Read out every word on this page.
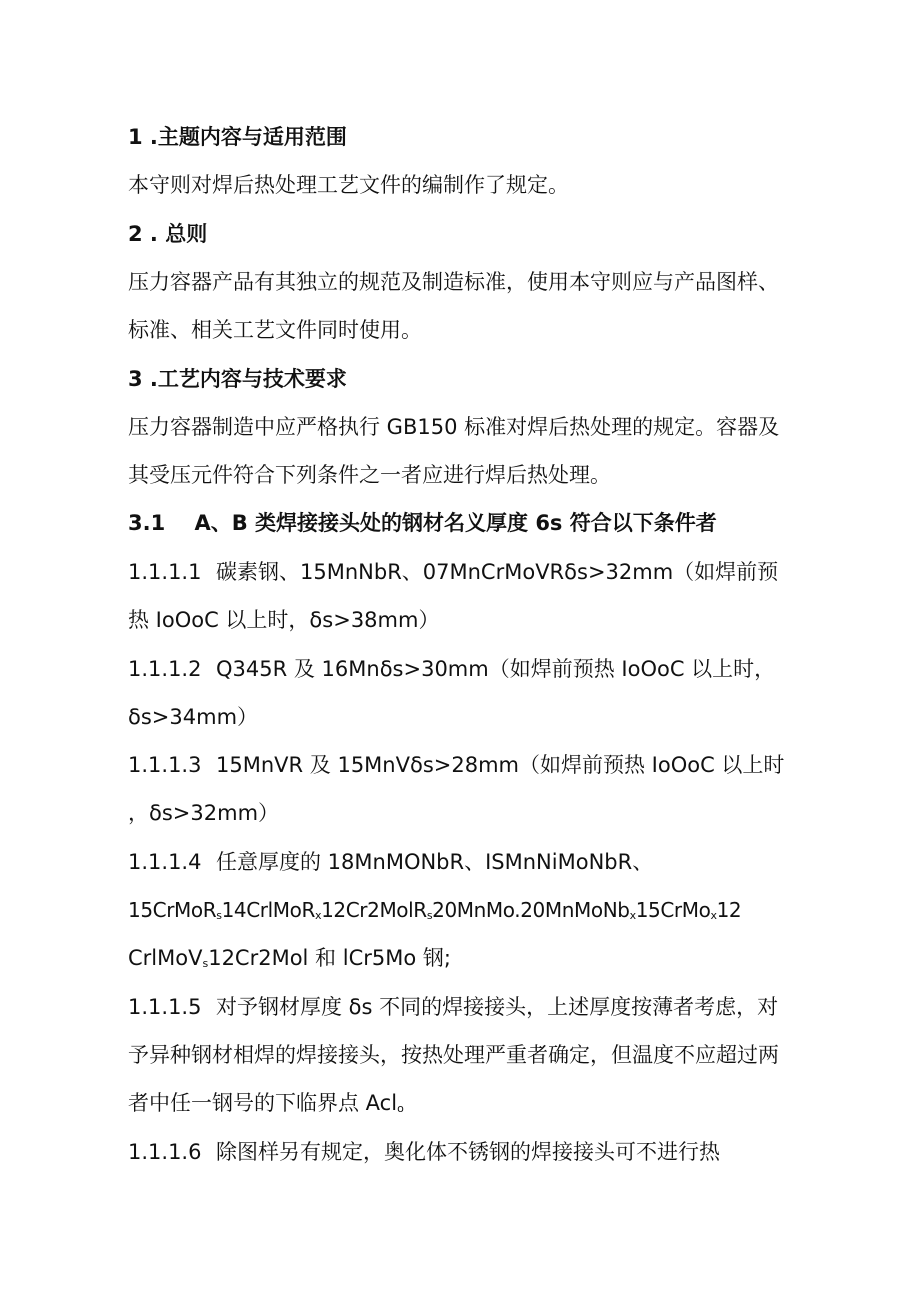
1 .主题内容与适用范围
本守则对焊后热处理工艺文件的编制作了规定。
2 . 总则
压力容器产品有其独立的规范及制造标准，使用本守则应与产品图样、
标准、相关工艺文件同时使用。
3 .工艺内容与技术要求
压力容器制造中应严格执行 GB150 标准对焊后热处理的规定。容器及
其受压元件符合下列条件之一者应进行焊后热处理。
3.1    A、B 类焊接接头处的钢材名义厚度 6s 符合以下条件者
1.1.1.1 碳素钢、15MnNbR、07MnCrMoVRδs>32mm（如焊前预
热 IoOoC 以上时，δs>38mm）
1.1.1.2 Q345R 及 16Mnδs>30mm（如焊前预热 IoOoC 以上时，
δs>34mm）
1.1.1.3 15MnVR 及 15MnVδs>28mm（如焊前预热 IoOoC 以上时
，δs>32mm）
1.1.1.4 任意厚度的 18MnMONbR、ISMnNiMoNbR、
15CrMoR$_s$14CrlMoR$_x$12Cr2MolR$_s$20MnMo.20MnMoNb$_x$15CrMo$_x$12
CrlMoV$_s$12Cr2Mol 和 lCr5Mo 钢;
1.1.1.5 对予钢材厚度 δs 不同的焊接接头，上述厚度按薄者考虑，对
予异种钢材相焊的焊接接头，按热处理严重者确定，但温度不应超过两
者中任一钢号的下临界点 Acl$_o$
1.1.1.6 除图样另有规定，奥化体不锈钢的焊接接头可不进行热
